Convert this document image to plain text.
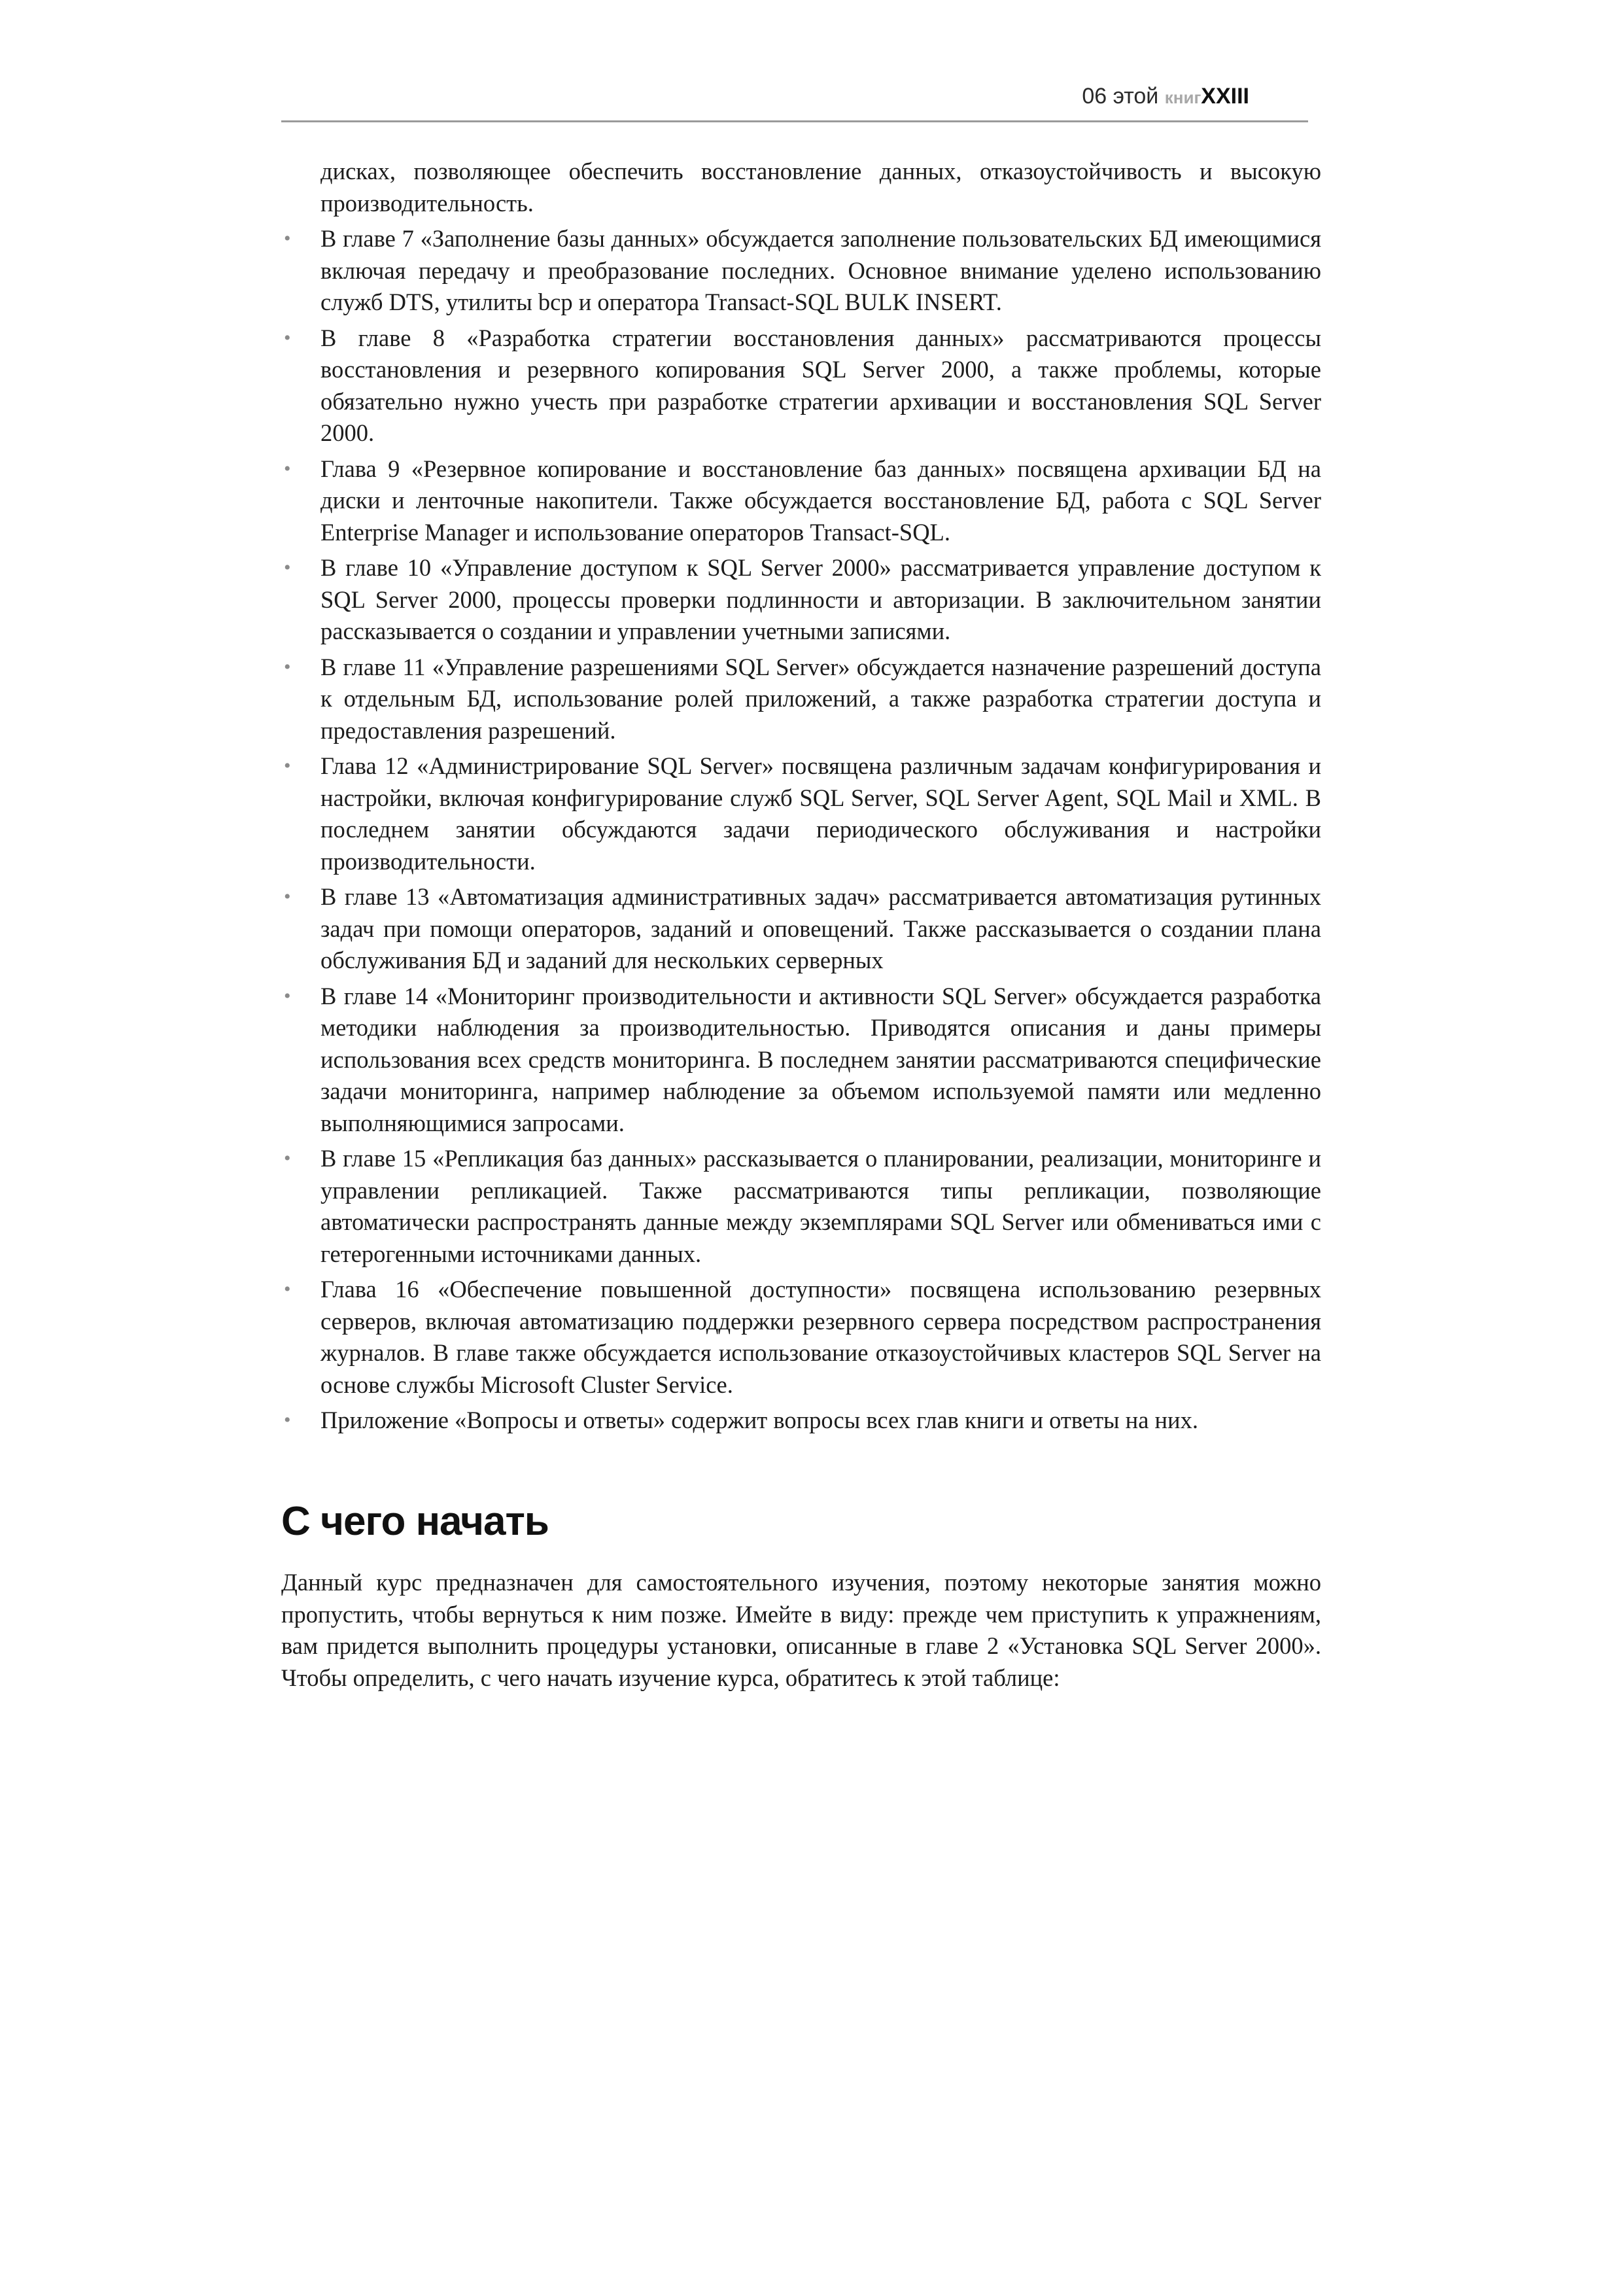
06 этой книгXXIII

дисках, позволяющее обеспечить восстановление данных, отказоустойчивость и высокую производительность.

• В главе 7 «Заполнение базы данных» обсуждается заполнение пользовательских БД имеющимися включая передачу и преобразование последних. Основное внимание уделено использованию служб DTS, утилиты bcp и оператора Transact-SQL BULK INSERT.
• В главе 8 «Разработка стратегии восстановления данных» рассматриваются процессы восстановления и резервного копирования SQL Server 2000, а также проблемы, которые обязательно нужно учесть при разработке стратегии архивации и восстановления SQL Server 2000.
• Глава 9 «Резервное копирование и восстановление баз данных» посвящена архивации БД на диски и ленточные накопители. Также обсуждается восстановление БД, работа с SQL Server Enterprise Manager и использование операторов Transact-SQL.
• В главе 10 «Управление доступом к SQL Server 2000» рассматривается управление доступом к SQL Server 2000, процессы проверки подлинности и авторизации. В заключительном занятии рассказывается о создании и управлении учетными записями.
• В главе 11 «Управление разрешениями SQL Server» обсуждается назначение разрешений доступа к отдельным БД, использование ролей приложений, а также разработка стратегии доступа и предоставления разрешений.
• Глава 12 «Администрирование SQL Server» посвящена различным задачам конфигурирования и настройки, включая конфигурирование служб SQL Server, SQL Server Agent, SQL Mail и XML. В последнем занятии обсуждаются задачи периодического обслуживания и настройки производительности.
• В главе 13 «Автоматизация административных задач» рассматривается автоматизация рутинных задач при помощи операторов, заданий и оповещений. Также рассказывается о создании плана обслуживания БД и заданий для нескольких серверных
• В главе 14 «Мониторинг производительности и активности SQL Server» обсуждается разработка методики наблюдения за производительностью. Приводятся описания и даны примеры использования всех средств мониторинга. В последнем занятии рассматриваются специфические задачи мониторинга, например наблюдение за объемом используемой памяти или медленно выполняющимися запросами.
• В главе 15 «Репликация баз данных» рассказывается о планировании, реализации, мониторинге и управлении репликацией. Также рассматриваются типы репликации, позволяющие автоматически распространять данные между экземплярами SQL Server или обмениваться ими с гетерогенными источниками данных.
• Глава 16 «Обеспечение повышенной доступности» посвящена использованию резервных серверов, включая автоматизацию поддержки резервного сервера посредством распространения журналов. В главе также обсуждается использование отказоустойчивых кластеров SQL Server на основе службы Microsoft Cluster Service.
• Приложение «Вопросы и ответы» содержит вопросы всех глав книги и ответы на них.
С чего начать

Данный курс предназначен для самостоятельного изучения, поэтому некоторые занятия можно пропустить, чтобы вернуться к ним позже. Имейте в виду: прежде чем приступить к упражнениям, вам придется выполнить процедуры установки, описанные в главе 2 «Установка SQL Server 2000». Чтобы определить, с чего начать изучение курса, обратитесь к этой таблице:
